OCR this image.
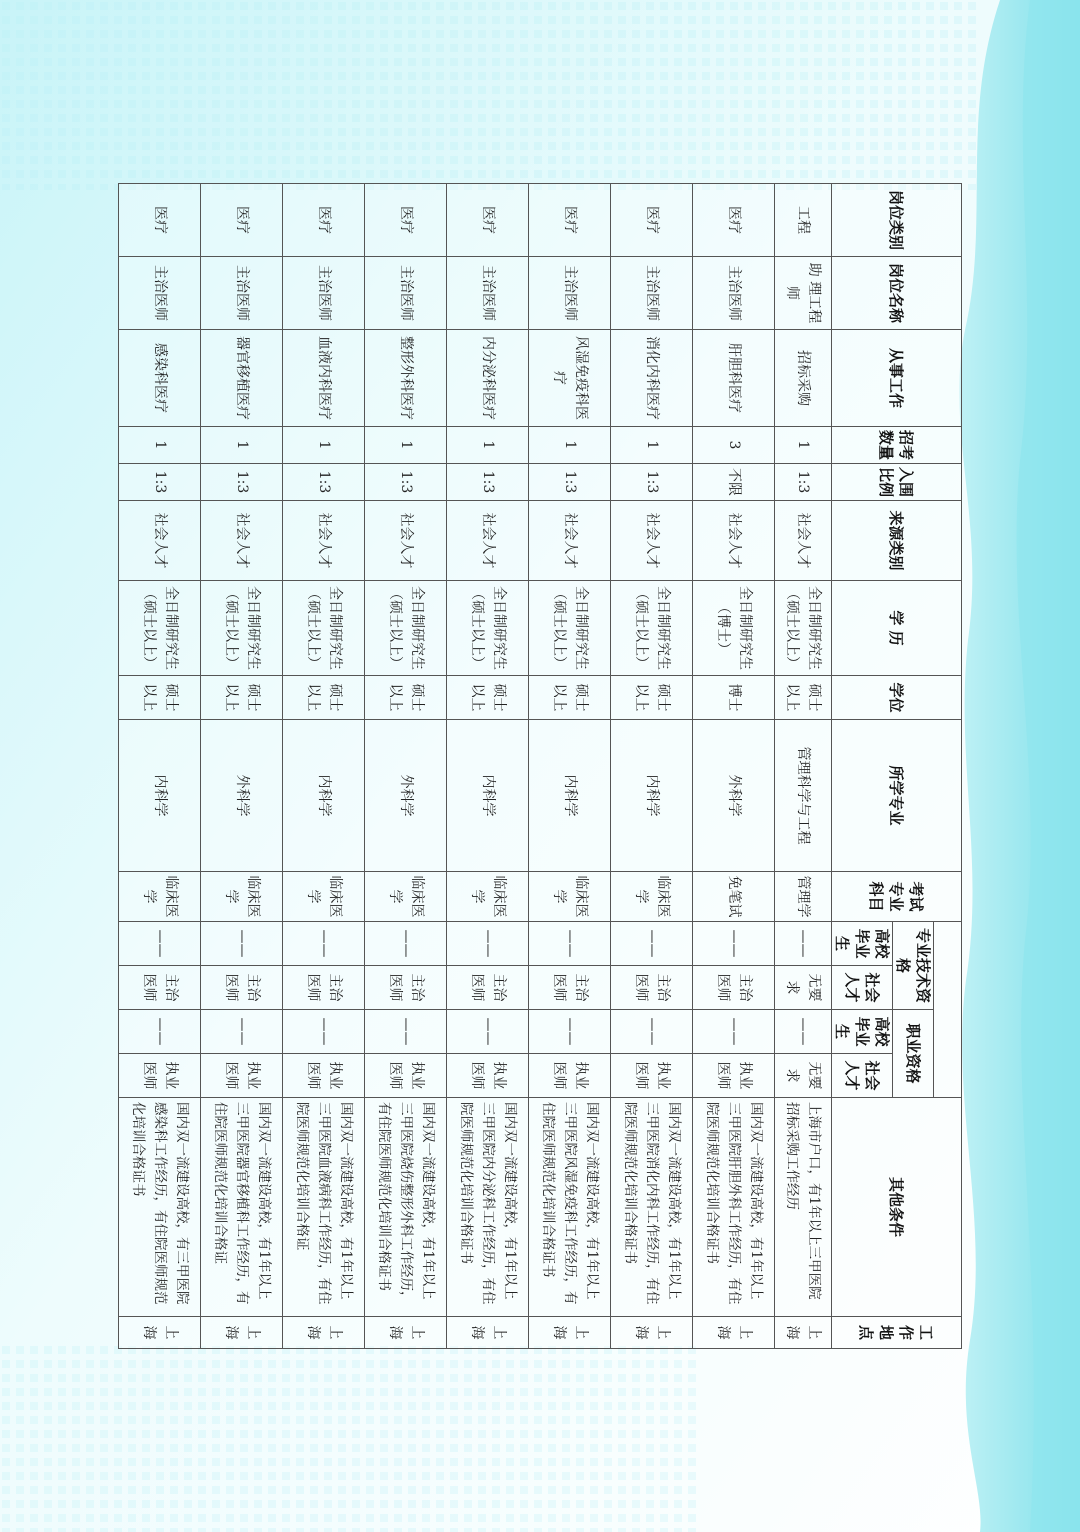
岗位类别	岗位名称	从事工作	招考数量	入围比例	来源类别	学 历	学位	所学专业	考试专业科目					其他条件	工作地点
										专业技术资格		职业资格			
										高校毕业生	社会人才	高校毕业生	社会人才		
工程	助 理工程师	招标采购	1	1:3	社会人才	全日制研究生（硕士以上）	硕士以上	管理科学与工程	管理学	——	无要求	——	无要求	上海市户口，有1年以上三甲医院招标采购工作经历	上海
医疗	主治医师	肝胆科医疗	3	不限	社会人才	全日制研究生（博士）	博士	外科学	免笔试	——	主治医师	——	执业医师	国内双一流建设高校，有1年以上三甲医院肝胆外科工作经历，有住院医师规范化培训合格证书	上海
医疗	主治医师	消化内科医疗	1	1:3	社会人才	全日制研究生（硕士以上）	硕士以上	内科学	临床医学	——	主治医师	——	执业医师	国内双一流建设高校，有1年以上三甲医院消化内科工作经历，有住院医师规范化培训合格证书	上海
医疗	主治医师	风湿免疫科医疗	1	1:3	社会人才	全日制研究生（硕士以上）	硕士以上	内科学	临床医学	——	主治医师	——	执业医师	国内双一流建设高校，有1年以上三甲医院风湿免疫科工作经历，有住院医师规范化培训合格证书	上海
医疗	主治医师	内分泌科医疗	1	1:3	社会人才	全日制研究生（硕士以上）	硕士以上	内科学	临床医学	——	主治医师	——	执业医师	国内双一流建设高校，有1年以上三甲医院内分泌科工作经历，有住院医师规范化培训合格证书	上海
医疗	主治医师	整形外科医疗	1	1:3	社会人才	全日制研究生（硕士以上）	硕士以上	外科学	临床医学	——	主治医师	——	执业医师	国内双一流建设高校，有1年以上三甲医院烧伤整形外科工作经历，有住院医师规范化培训合格证书	上海
医疗	主治医师	血液内科医疗	1	1:3	社会人才	全日制研究生（硕士以上）	硕士以上	内科学	临床医学	——	主治医师	——	执业医师	国内双一流建设高校，有1年以上三甲医院血液病科工作经历，有住院医师规范化培训合格证	上海
医疗	主治医师	器官移植医疗	1	1:3	社会人才	全日制研究生（硕士以上）	硕士以上	外科学	临床医学	——	主治医师	——	执业医师	国内双一流建设高校，有1年以上三甲医院器官移植科工作经历，有住院医师规范化培训合格证	上海
医疗	主治医师	感染科医疗	1	1:3	社会人才	全日制研究生（硕士以上）	硕士以上	内科学	临床医学	——	主治医师	——	执业医师	国内双一流建设高校，有三甲医院感染科工作经历，有住院医师规范化培训合格证书	上海
